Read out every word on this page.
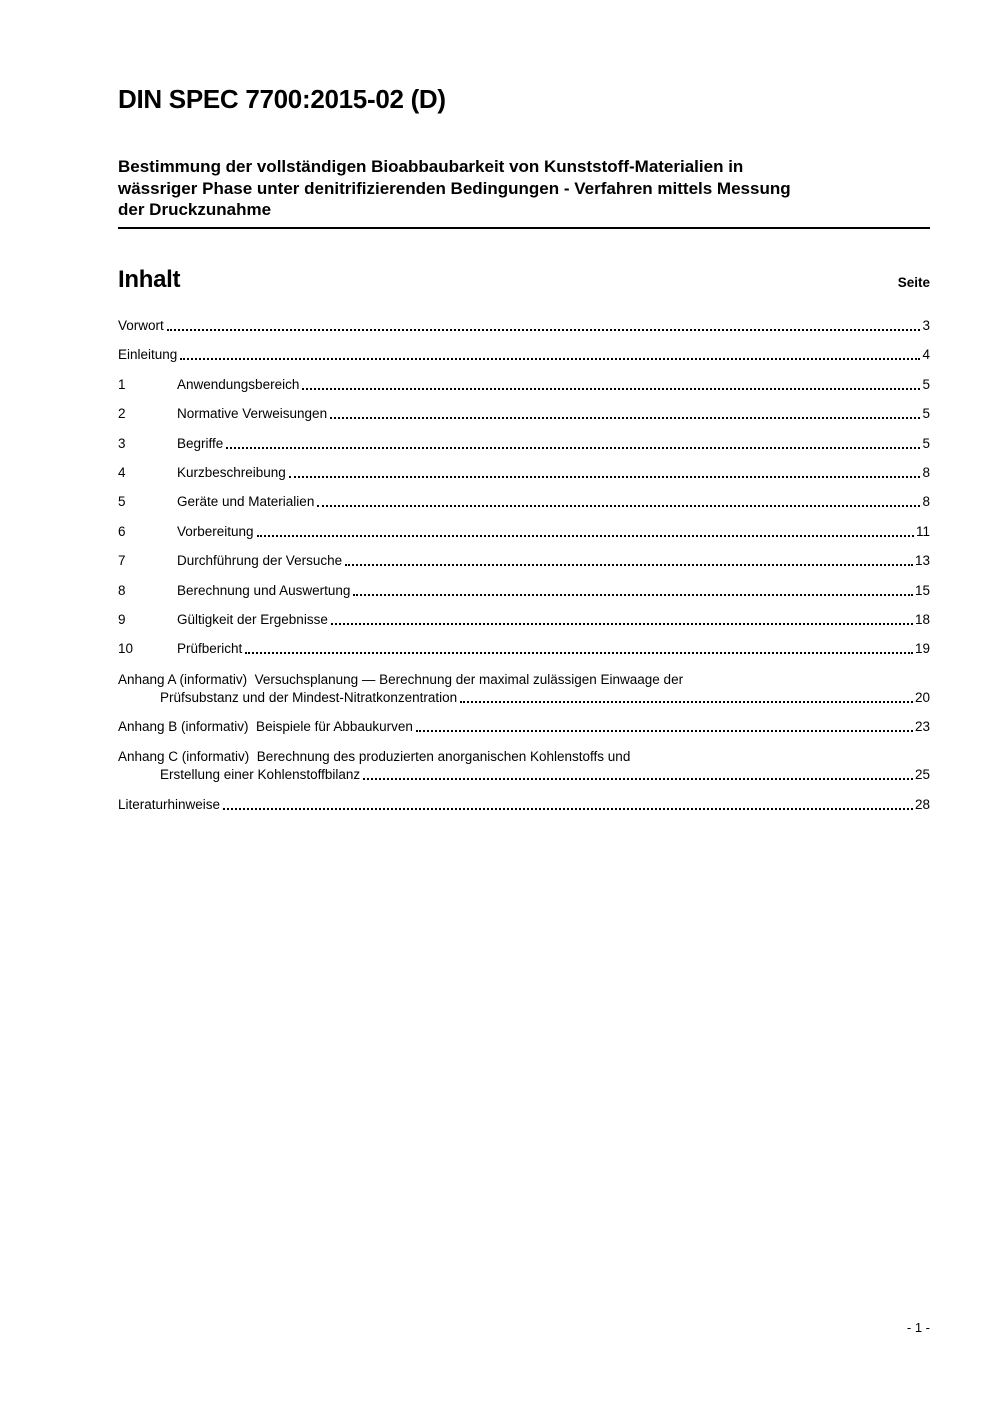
DIN SPEC 7700:2015-02 (D)
Bestimmung der vollständigen Bioabbaubarkeit von Kunststoff-Materialien in
wässriger Phase unter denitrifizierenden Bedingungen - Verfahren mittels Messung
der Druckzunahme
Inhalt	Seite
Vorwort	3
Einleitung	4
1	Anwendungsbereich	5
2	Normative Verweisungen	5
3	Begriffe	5
4	Kurzbeschreibung	8
5	Geräte und Materialien	8
6	Vorbereitung	11
7	Durchführung der Versuche	13
8	Berechnung und Auswertung	15
9	Gültigkeit der Ergebnisse	18
10	Prüfbericht	19
Anhang A (informativ)  Versuchsplanung — Berechnung der maximal zulässigen Einwaage der
Prüfsubstanz und der Mindest-Nitratkonzentration	20
Anhang B (informativ)  Beispiele für Abbaukurven	23
Anhang C (informativ)  Berechnung des produzierten anorganischen Kohlenstoffs und
Erstellung einer Kohlenstoffbilanz	25
Literaturhinweise	28
- 1 -
